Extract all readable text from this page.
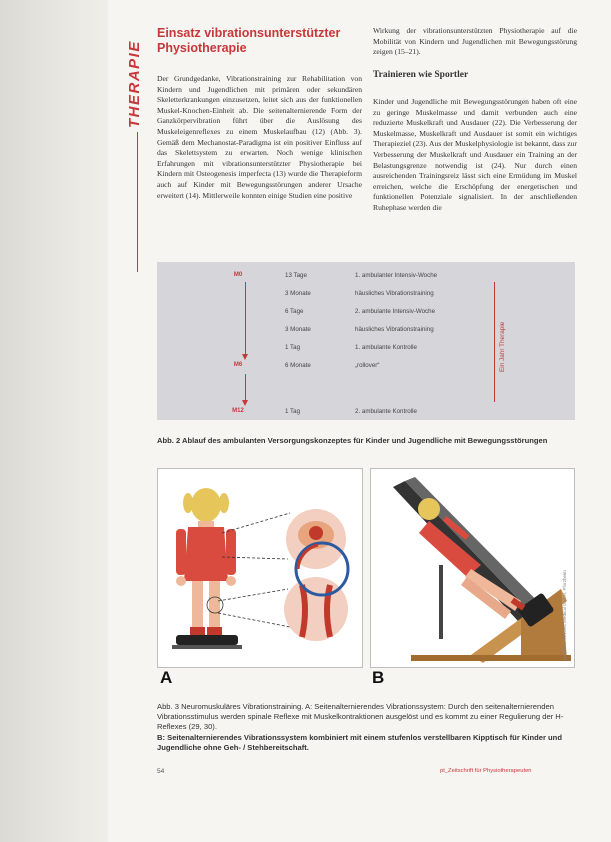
THERAPIE
Einsatz vibrationsunterstützter Physiotherapie
Der Grundgedanke, Vibrationstraining zur Rehabilitation von Kindern und Jugendlichen mit primären oder sekundären Skeletterkrankungen einzusetzen, leitet sich aus der funktionellen Muskel-Knochen-Einheit ab. Die seitenalternierende Form der Ganzkörpervibration führt über die Auslösung des Muskeleigenreflexes zu einem Muskelaufbau (12) (Abb. 3). Gemäß dem Mechanostat-Paradigma ist ein positiver Einfluss auf das Skelettsystem zu erwarten. Noch wenige klinischen Erfahrungen mit vibrationsunterstützter Physiotherapie bei Kindern mit Osteogenesis imperfecta (13) wurde die Therapieform auch auf Kinder mit Bewegungsstörungen anderer Ursache erweitert (14). Mittlerweile konnten einige Studien eine positive
Wirkung der vibrationsunterstützten Physiotherapie auf die Mobilität von Kindern und Jugendlichen mit Bewegungsstörung zeigen (15–21).
Trainieren wie Sportler
Kinder und Jugendliche mit Bewegungsstörungen haben oft eine zu geringe Muskelmasse und damit verbunden auch eine reduzierte Muskelkraft und Ausdauer (22). Die Verbesserung der Muskelmasse, Muskelkraft und Ausdauer ist somit ein wichtiges Therapieziel (23). Aus der Muskelphysiologie ist bekannt, dass zur Verbesserung der Muskelkraft und Ausdauer ein Training an der Belastungsgrenze notwendig ist (24). Nur durch einen ausreichenden Trainingsreiz lässt sich eine Ermüdung im Muskel erreichen, welche die Erschöpfung der energetischen und funktionellen Potenziale signalisiert. In der anschließenden Ruhephase werden die
M0	13 Tage	1. ambulanter Intensiv-Woche
3 Monate	häusliches Vibrationstraining
6 Tage	2. ambulante Intensiv-Woche
3 Monate	häusliches Vibrationstraining
1 Tag	1. ambulante Kontrolle
M6	6 Monate	„rollover“
M12	1 Tag	2. ambulante Kontrolle
Ein Jahr Therapie
Abb. 2 Ablauf des ambulanten Versorgungskonzeptes für Kinder und Jugendliche mit Bewegungsstörungen
Grafiken: Novotec Medical GmbH, Pforzheim
A	B
Abb. 3 Neuromuskuläres Vibrationstraining. A: Seitenalternierendes Vibrationssystem: Durch den seitenalternierenden Vibrationsstimulus werden spinale Reflexe mit Muskelkontraktionen ausgelöst und es kommt zu einer Regulierung der H-Reflexes (29, 30).
B: Seitenalternierendes Vibrationssystem kombiniert mit einem stufenlos verstellbaren Kipptisch für Kinder und Jugendliche ohne Geh- / Stehbereitschaft.
54	pt_Zeitschrift für Physiotherapeuten
